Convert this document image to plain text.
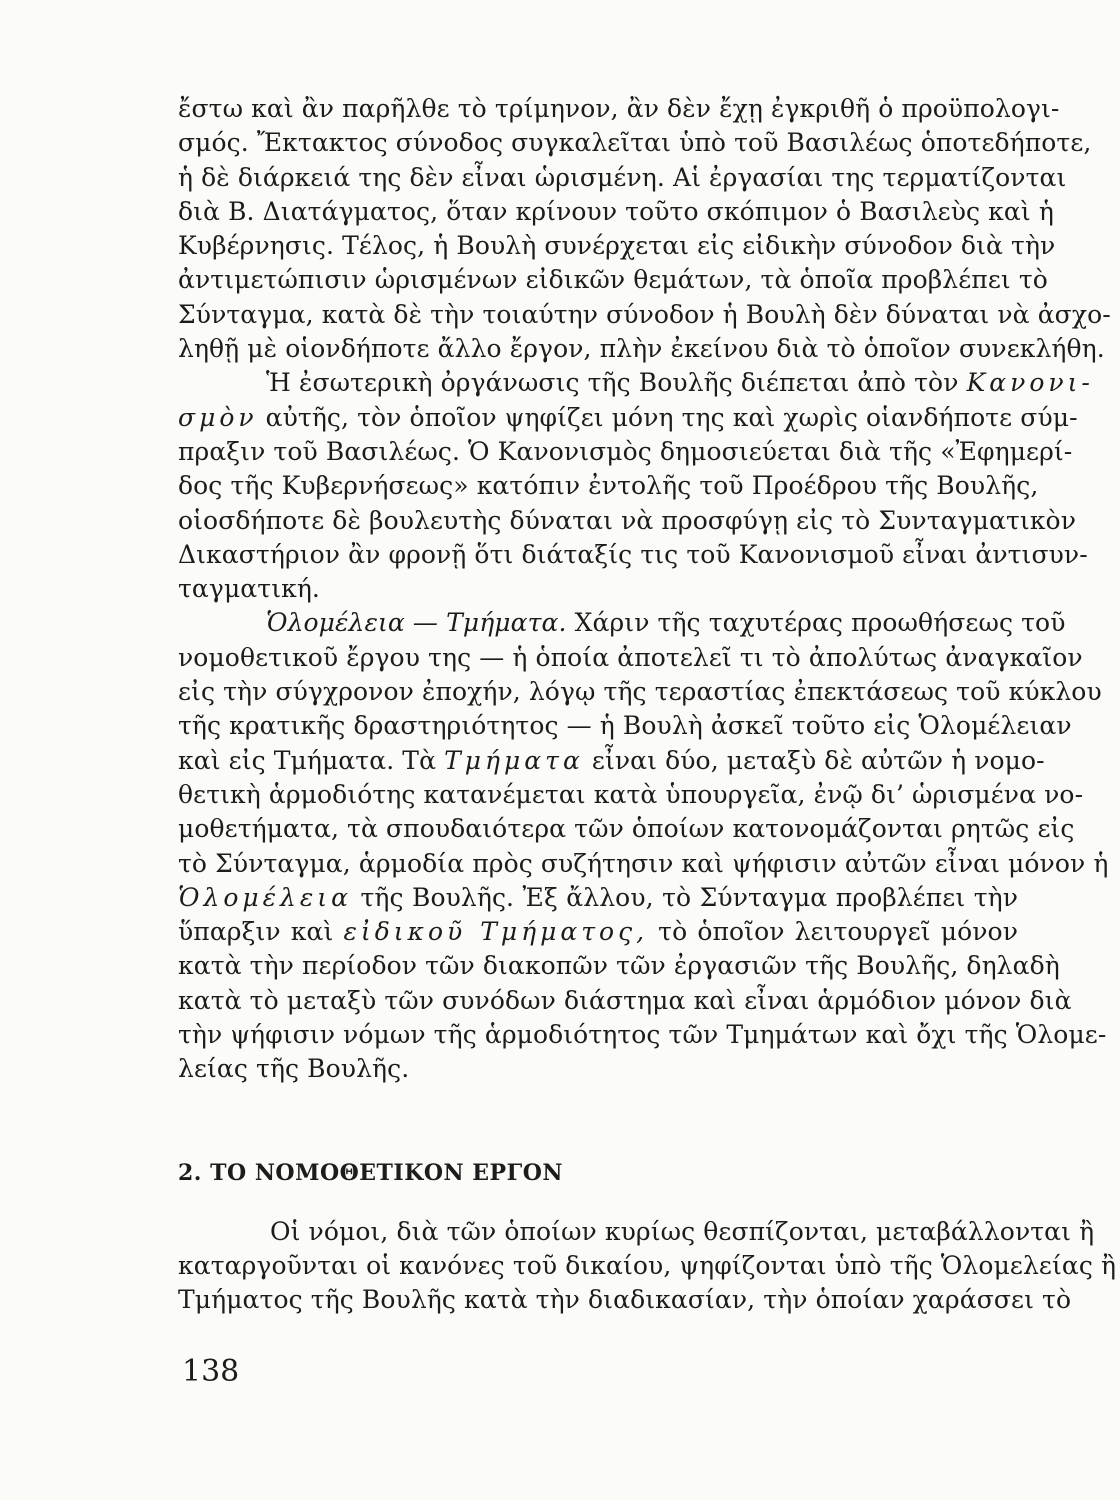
ἔστω καὶ ἂν παρῆλθε τὸ τρίμηνον, ἂν δὲν ἔχῃ ἐγκριθῆ ὁ προϋπολογι-
σμός. Ἔκτακτος σύνοδος συγκαλεῖται ὑπὸ τοῦ Βασιλέως ὁποτεδήποτε,
ἡ δὲ διάρκειά της δὲν εἶναι ὡρισμένη. Αἱ ἐργασίαι της τερματίζονται
διὰ Β. Διατάγματος, ὅταν κρίνουν τοῦτο σκόπιμον ὁ Βασιλεὺς καὶ ἡ
Κυβέρνησις. Τέλος, ἡ Βουλὴ συνέρχεται εἰς εἰδικὴν σύνοδον διὰ τὴν
ἀντιμετώπισιν ὡρισμένων εἰδικῶν θεμάτων, τὰ ὁποῖα προβλέπει τὸ
Σύνταγμα, κατὰ δὲ τὴν τοιαύτην σύνοδον ἡ Βουλὴ δὲν δύναται νὰ ἀσχο-
ληθῇ μὲ οἱονδήποτε ἄλλο ἔργον, πλὴν ἐκείνου διὰ τὸ ὁποῖον συνεκλήθη.
Ἡ ἐσωτερικὴ ὀργάνωσις τῆς Βουλῆς διέπεται ἀπὸ τὸν Κανονι-
σμὸν αὐτῆς, τὸν ὁποῖον ψηφίζει μόνη της καὶ χωρὶς οἱανδήποτε σύμ-
πραξιν τοῦ Βασιλέως. Ὁ Κανονισμὸς δημοσιεύεται διὰ τῆς «Ἐφημερί-
δος τῆς Κυβερνήσεως» κατόπιν ἐντολῆς τοῦ Προέδρου τῆς Βουλῆς,
οἱοσδήποτε δὲ βουλευτὴς δύναται νὰ προσφύγῃ εἰς τὸ Συνταγματικὸν
Δικαστήριον ἂν φρονῇ ὅτι διάταξίς τις τοῦ Κανονισμοῦ εἶναι ἀντισυν-
ταγματική.
Ὁλομέλεια — Τμήματα. Χάριν τῆς ταχυτέρας προωθήσεως τοῦ
νομοθετικοῦ ἔργου της — ἡ ὁποία ἀποτελεῖ τι τὸ ἀπολύτως ἀναγκαῖον
εἰς τὴν σύγχρονον ἐποχήν, λόγῳ τῆς τεραστίας ἐπεκτάσεως τοῦ κύκλου
τῆς κρατικῆς δραστηριότητος — ἡ Βουλὴ ἀσκεῖ τοῦτο εἰς Ὁλομέλειαν
καὶ εἰς Τμήματα. Τὰ Τμήματα εἶναι δύο, μεταξὺ δὲ αὐτῶν ἡ νομο-
θετικὴ ἁρμοδιότης κατανέμεται κατὰ ὑπουργεῖα, ἐνῷ δι’ ὡρισμένα νο-
μοθετήματα, τὰ σπουδαιότερα τῶν ὁποίων κατονομάζονται ρητῶς εἰς
τὸ Σύνταγμα, ἁρμοδία πρὸς συζήτησιν καὶ ψήφισιν αὐτῶν εἶναι μόνον ἡ
Ὁλομέλεια τῆς Βουλῆς. Ἐξ ἄλλου, τὸ Σύνταγμα προβλέπει τὴν
ὕπαρξιν καὶ εἰδικοῦ Τμήματος, τὸ ὁποῖον λειτουργεῖ μόνον
κατὰ τὴν περίοδον τῶν διακοπῶν τῶν ἐργασιῶν τῆς Βουλῆς, δηλαδὴ
κατὰ τὸ μεταξὺ τῶν συνόδων διάστημα καὶ εἶναι ἁρμόδιον μόνον διὰ
τὴν ψήφισιν νόμων τῆς ἁρμοδιότητος τῶν Τμημάτων καὶ ὄχι τῆς Ὁλομε-
λείας τῆς Βουλῆς.
2. ΤΟ ΝΟΜΟΘΕΤΙΚΟΝ ΕΡΓΟΝ
Οἱ νόμοι, διὰ τῶν ὁποίων κυρίως θεσπίζονται, μεταβάλλονται ἢ
καταργοῦνται οἱ κανόνες τοῦ δικαίου, ψηφίζονται ὑπὸ τῆς Ὁλομελείας ἢ
Τμήματος τῆς Βουλῆς κατὰ τὴν διαδικασίαν, τὴν ὁποίαν χαράσσει τὸ
138
